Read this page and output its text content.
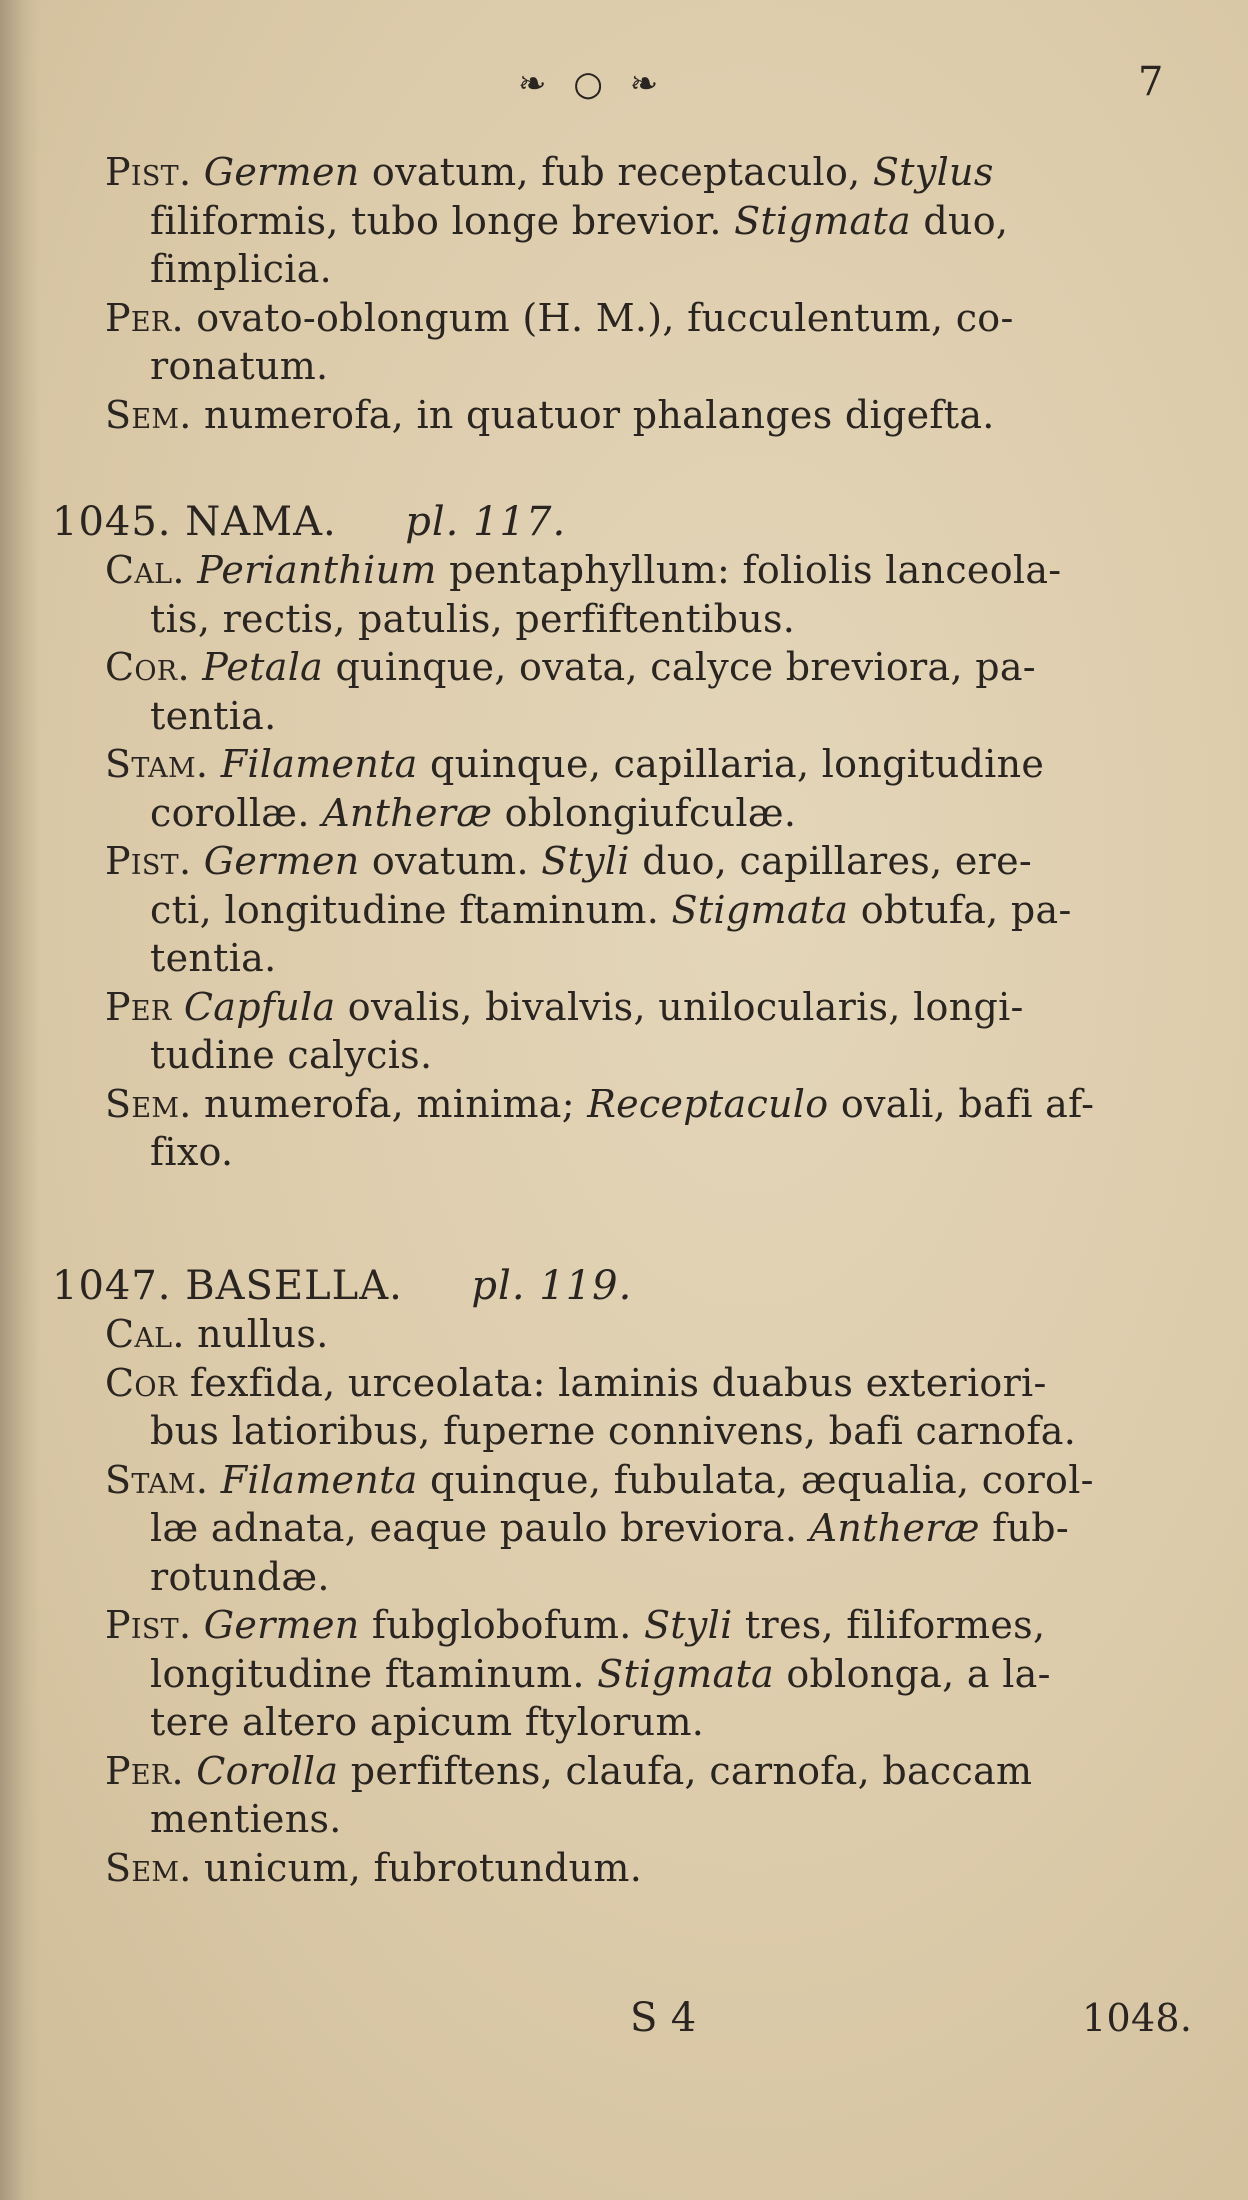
❧ ○ ❧	7
Pist. Germen ovatum, fub receptaculo, Stylus
filiformis, tubo longe brevior. Stigmata duo,
fimplicia.
Per. ovato-oblongum (H. M.), fucculentum, co-
ronatum.
Sem. numerofa, in quatuor phalanges digefta.
1045. NAMA. pl. 117.
Cal. Perianthium pentaphyllum: foliolis lanceola-
tis, rectis, patulis, perfiftentibus.
Cor. Petala quinque, ovata, calyce breviora, pa-
tentia.
Stam. Filamenta quinque, capillaria, longitudine
corollæ. Antheræ oblongiufculæ.
Pist. Germen ovatum. Styli duo, capillares, ere-
cti, longitudine ftaminum. Stigmata obtufa, pa-
tentia.
Per Capfula ovalis, bivalvis, unilocularis, longi-
tudine calycis.
Sem. numerofa, minima; Receptaculo ovali, bafi af-
fixo.
1047. BASELLA. pl. 119.
Cal. nullus.
Cor fexfida, urceolata: laminis duabus exteriori-
bus latioribus, fuperne connivens, bafi carnofa.
Stam. Filamenta quinque, fubulata, æqualia, corol-
læ adnata, eaque paulo breviora. Antheræ fub-
rotundæ.
Pist. Germen fubglobofum. Styli tres, filiformes,
longitudine ftaminum. Stigmata oblonga, a la-
tere altero apicum ftylorum.
Per. Corolla perfiftens, claufa, carnofa, baccam
mentiens.
Sem. unicum, fubrotundum.
S 4	1048.
